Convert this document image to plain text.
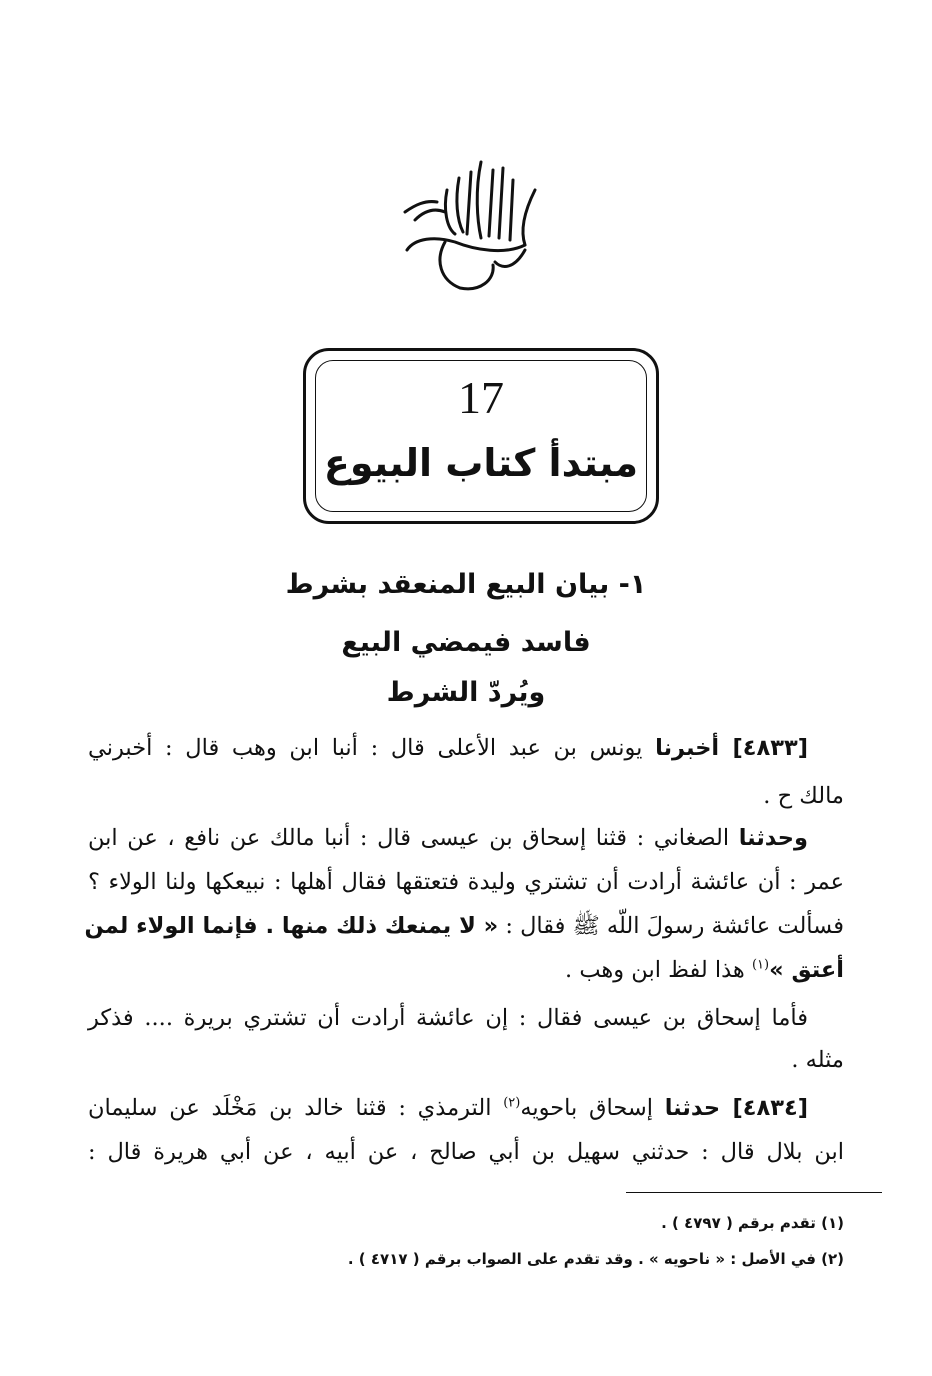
17
مبتدأ كتاب البيوع
١- بيان البيع المنعقد بشرط
فاسد فيمضي البيع
ويُردّ الشرط
[٤٨٣٣] أخبرنا يونس بن عبد الأعلى قال : أنبا ابن وهب قال : أخبرني
مالك ح .
وحدثنا الصغاني : قثنا إسحاق بن عيسى قال : أنبا مالك عن نافع ، عن ابن
عمر : أن عائشة أرادت أن تشتري وليدة فتعتقها فقال أهلها : نبيعكها ولنا الولاء ؟
فسألت عائشة رسولَ اللّه ﷺ فقال : « لا يمنعك ذلك منها . فإنما الولاء لمن
أعتق »$^{(١)}$ هذا لفظ ابن وهب .
فأما إسحاق بن عيسى فقال : إن عائشة أرادت أن تشتري بريرة .... فذكر
مثله .
[٤٨٣٤] حدثنا إسحاق باحويه$^{(٢)}$ الترمذي : قثنا خالد بن مَخْلَد عن سليمان
ابن بلال قال : حدثني سهيل بن أبي صالح ، عن أبيه ، عن أبي هريرة قال :
(١) تقدم برقم ( ٤٧٩٧ ) .
(٢) في الأصل : « ناحويه » . وقد تقدم على الصواب برقم ( ٤٧١٧ ) .
